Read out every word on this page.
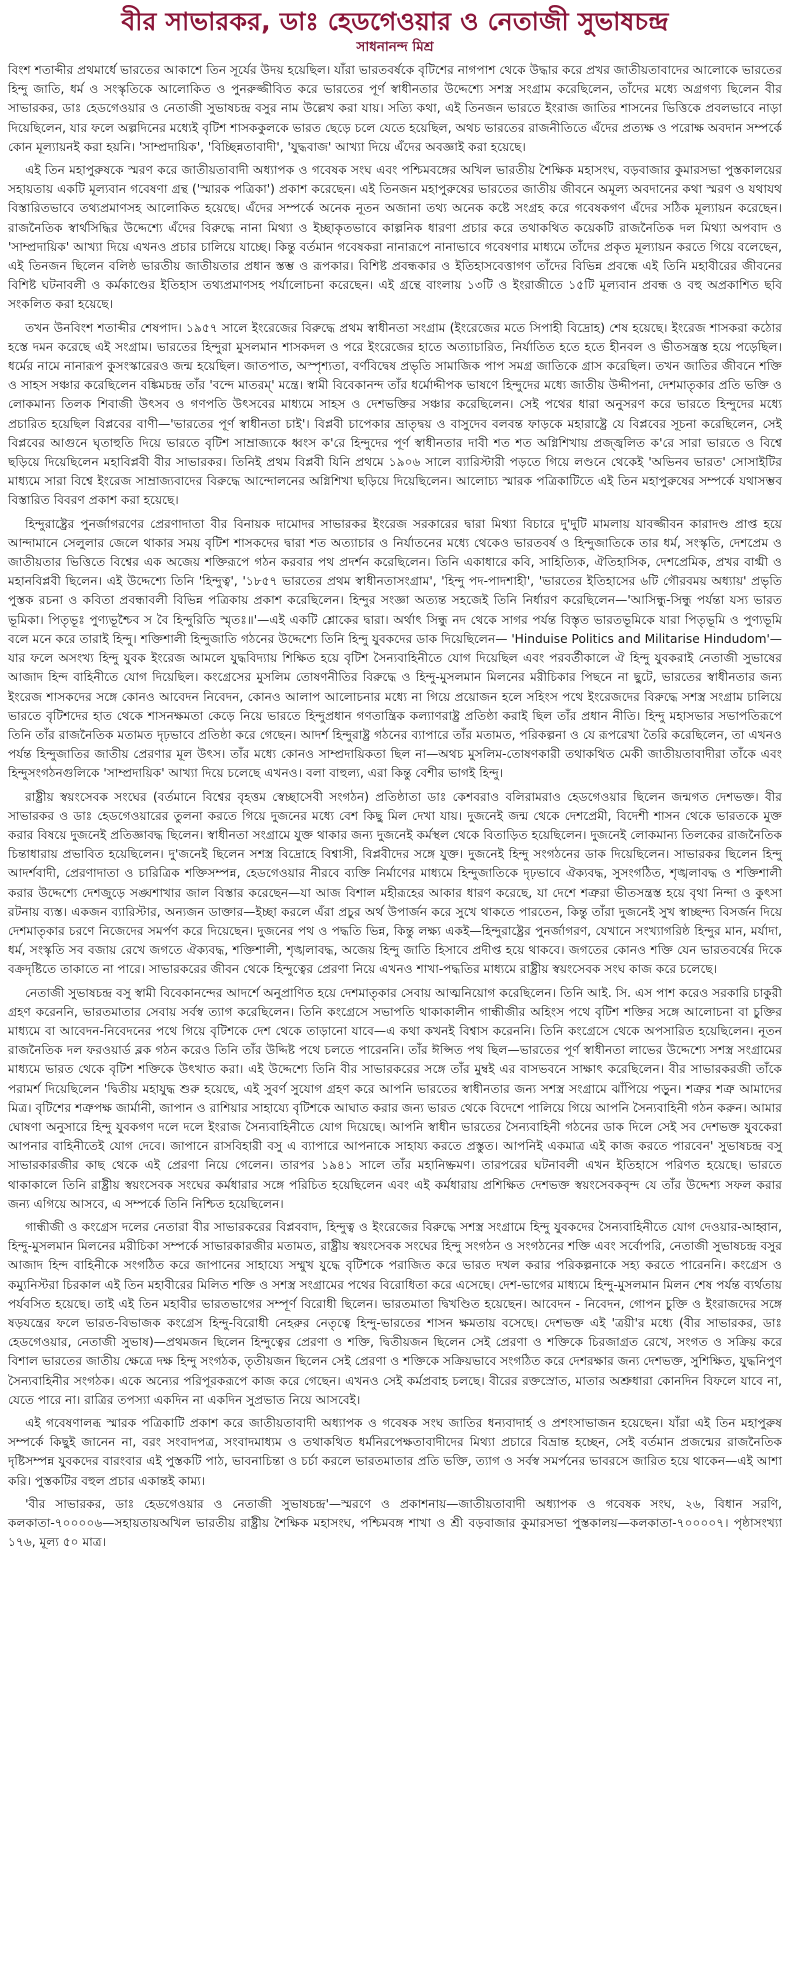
বীর সাভারকর, ডাঃ হেডগেওয়ার ও নেতাজী সুভাষচন্দ্র
সাধনানন্দ মিশ্র

বিংশ শতাব্দীর প্রথমার্ধে ভারতের আকাশে তিন সূর্যের উদয় হয়েছিল। যাঁরা ভারতবর্ষকে বৃটিশের নাগপাশ থেকে উদ্ধার করে প্রখর জাতীয়তাবাদের আলোকে ভারতের হিন্দু জাতি, ধর্ম ও সংস্কৃতিকে আলোকিত ও পুনরুজ্জীবিত করে ভারতের পূর্ণ স্বাধীনতার উদ্দেশ্যে সশস্ত্র সংগ্রাম করেছিলেন, তাঁদের মধ্যে অগ্রগণ্য ছিলেন বীর সাভারকর, ডাঃ হেডগেওয়ার ও নেতাজী সুভাষচন্দ্র বসুর নাম উল্লেখ করা যায়। সত্যি কথা, এই তিনজন ভারতে ইংরাজ জাতির শাসনের ভিত্তিকে প্রবলভাবে নাড়া দিয়েছিলেন, যার ফলে অল্পদিনের মধ্যেই বৃটিশ শাসককুলকে ভারত ছেড়ে চলে যেতে হয়েছিল, অথচ ভারতের রাজনীতিতে এঁদের প্রত্যক্ষ ও পরোক্ষ অবদান সম্পর্কে কোন মূল্যায়নই করা হয়নি। 'সাম্প্রদায়িক', 'বিচ্ছিন্নতাবাদী', 'যুদ্ধবাজ' আখ্যা দিয়ে এঁদের অবজ্ঞাই করা হয়েছে।

এই তিন মহাপুরুষকে স্মরণ করে জাতীয়তাবাদী অধ্যাপক ও গবেষক সংঘ এবং পশ্চিমবঙ্গের অখিল ভারতীয় শৈক্ষিক মহাসংঘ, বড়বাজার কুমারসভা পুস্তকালয়ের সহায়তায় একটি মূল্যবান গবেষণা গ্রন্থ ('স্মারক পত্রিকা') প্রকাশ করেছেন। এই তিনজন মহাপুরুষের ভারতের জাতীয় জীবনে অমূল্য অবদানের কথা স্মরণ ও যথাযথ বিস্তারিতভাবে তথ্যপ্রমাণসহ আলোকিত হয়েছে। এঁদের সম্পর্কে অনেক নূতন অজানা তথ্য অনেক কষ্টে সংগ্রহ করে গবেষকগণ এঁদের সঠিক মূল্যায়ন করেছেন। রাজনৈতিক স্বার্থসিদ্ধির উদ্দেশ্যে এঁদের বিরুদ্ধে নানা মিথ্যা ও ইচ্ছাকৃতভাবে কাল্পনিক ধারণা প্রচার করে তথাকথিত কয়েকটি রাজনৈতিক দল মিথ্যা অপবাদ ও 'সাম্প্রদায়িক' আখ্যা দিয়ে এখনও প্রচার চালিয়ে যাচ্ছে। কিন্তু বর্তমান গবেষকরা নানারূপে নানাভাবে গবেষণার মাধ্যমে তাঁদের প্রকৃত মূল্যায়ন করতে গিয়ে বলেছেন, এই তিনজন ছিলেন বলিষ্ঠ ভারতীয় জাতীয়তার প্রধান স্তম্ভ ও রূপকার। বিশিষ্ট প্রবন্ধকার ও ইতিহাসবেত্তাগণ তাঁদের বিভিন্ন প্রবন্ধে এই তিনি মহাবীরের জীবনের বিশিষ্ট ঘটনাবলী ও কর্মকাণ্ডের ইতিহাস তথ্যপ্রমাণসহ পর্যালোচনা করেছেন। এই গ্রন্থে বাংলায় ১৩টি ও ইংরাজীতে ১৫টি মূল্যবান প্রবন্ধ ও বহু অপ্রকাশিত ছবি সংকলিত করা হয়েছে।

তখন উনবিংশ শতাব্দীর শেষপাদ। ১৯৫৭ সালে ইংরেজের বিরুদ্ধে প্রথম স্বাধীনতা সংগ্রাম (ইংরেজের মতে সিপাহী বিদ্রোহ) শেষ হয়েছে। ইংরেজ শাসকরা কঠোর হস্তে দমন করেছে এই সংগ্রাম। ভারতের হিন্দুরা মুসলমান শাসকদল ও পরে ইংরেজের হাতে অত্যাচারিত, নির্যাতিত হতে হতে হীনবল ও ভীতসন্ত্রস্ত হয়ে পড়েছিল। ধর্মের নামে নানারূপ কুসংস্কারেরও জন্ম হয়েছিল। জাতপাত, অস্পৃশ্যতা, বর্ণবিদ্বেষ প্রভৃতি সামাজিক পাপ সমগ্র জাতিকে গ্রাস করেছিল। তখন জাতির জীবনে শক্তি ও সাহস সঞ্চার করেছিলেন বঙ্কিমচন্দ্র তাঁর 'বন্দে মাতরম্' মন্ত্রে। স্বামী বিবেকানন্দ তাঁর ধর্মোদ্দীপক ভাষণে হিন্দুদের মধ্যে জাতীয় উদ্দীপনা, দেশমাতৃকার প্রতি ভক্তি ও লোকমান্য তিলক শিবাজী উৎসব ও গণপতি উৎসবের মাধ্যমে সাহস ও দেশভক্তির সঞ্চার করেছিলেন। সেই পথের ধারা অনুসরণ করে ভারতে হিন্দুদের মধ্যে প্রচারিত হয়েছিল বিপ্লবের বাণী—'ভারতের পূর্ণ স্বাধীনতা চাই'। বিপ্লবী চাপেকার ভ্রাতৃদ্বয় ও বাসুদেব বলবন্ত ফাড়কে মহারাষ্ট্রে যে বিপ্লবের সূচনা করেছিলেন, সেই বিপ্লবের আগুনে ঘৃতাহুতি দিয়ে ভারতে বৃটিশ সাম্রাজ্যকে ধ্বংস ক'রে হিন্দুদের পূর্ণ স্বাধীনতার দাবী শত শত অগ্নিশিখায় প্রজ্জ্বলিত ক'রে সারা ভারতে ও বিশ্বে ছড়িয়ে দিয়েছিলেন মহাবিপ্লবী বীর সাভারকর। তিনিই প্রথম বিপ্লবী যিনি প্রথমে ১৯০৬ সালে ব্যারিস্টারী পড়তে গিয়ে লণ্ডনে থেকেই 'অভিনব ভারত' সোসাইটির মাধ্যমে সারা বিশ্বে ইংরেজ সাম্রাজ্যবাদের বিরুদ্ধে আন্দোলনের অগ্নিশিখা ছড়িয়ে দিয়েছিলেন। আলোচ্য স্মারক পত্রিকাটিতে এই তিন মহাপুরুষের সম্পর্কে যথাসম্ভব বিস্তারিত বিবরণ প্রকাশ করা হয়েছে।

হিন্দুরাষ্ট্রের পুনর্জাগরণের প্রেরণাদাতা বীর বিনায়ক দামোদর সাভারকর ইংরেজ সরকারের দ্বারা মিথ্যা বিচারে দু'দুটি মামলায় যাবজ্জীবন কারাদণ্ড প্রাপ্ত হয়ে আন্দামানে সেলুলার জেলে থাকার সময় বৃটিশ শাসকদের দ্বারা শত অত্যাচার ও নির্যাতনের মধ্যে থেকেও ভারতবর্ষ ও হিন্দুজাতিকে তার ধর্ম, সংস্কৃতি, দেশপ্রেম ও জাতীয়তার ভিত্তিতে বিশ্বের এক অজেয় শক্তিরূপে গঠন করবার পথ প্রদর্শন করেছিলেন। তিনি একাধারে কবি, সাহিত্যিক, ঐতিহাসিক, দেশপ্রেমিক, প্রখর বাগ্মী ও মহানবিপ্লবী ছিলেন। এই উদ্দেশ্যে তিনি 'হিন্দুত্ব', '১৮৫৭ ভারতের প্রথম স্বাধীনতাসংগ্রাম', 'হিন্দু পদ-পাদশাহী', 'ভারতের ইতিহাসের ৬টি গৌরবময় অধ্যায়' প্রভৃতি পুস্তক রচনা ও কবিতা প্রবন্ধাবলী বিভিন্ন পত্রিকায় প্রকাশ করেছিলেন। হিন্দুর সংজ্ঞা অত্যন্ত সহজেই তিনি নির্ধারণ করেছিলেন—'আসিন্ধু-সিন্ধু পর্যন্তা যস্য ভারত ভূমিকা। পিতৃভূঃ পুণ্যভূশ্চৈব স বৈ হিন্দুরিতি স্মৃতঃ॥'—এই একটি শ্লোকের দ্বারা। অর্থাৎ সিন্ধু নদ থেকে সাগর পর্যন্ত বিস্তৃত ভারতভূমিকে যারা পিতৃভূমি ও পুণ্যভূমি বলে মনে করে তারাই হিন্দু। শক্তিশালী হিন্দুজাতি গঠনের উদ্দেশ্যে তিনি হিন্দু যুবকদের ডাক দিয়েছিলেন— 'Hinduise Politics and Militarise Hindudom'—যার ফলে অসংখ্য হিন্দু যুবক ইংরেজ আমলে যুদ্ধবিদ্যায় শিক্ষিত হয়ে বৃটিশ সৈন্যবাহিনীতে যোগ দিয়েছিল এবং পরবর্তীকালে ঐ হিন্দু যুবকরাই নেতাজী সুভাষের আজাদ হিন্দ বাহিনীতে যোগ দিয়েছিল। কংগ্রেসের মুসলিম তোষণনীতির বিরুদ্ধে ও হিন্দু-মুসলমান মিলনের মরীচিকার পিছনে না ছুটে, ভারতের স্বাধীনতার জন্য ইংরেজ শাসকদের সঙ্গে কোনও আবেদন নিবেদন, কোনও আলাপ আলোচনার মধ্যে না গিয়ে প্রয়োজন হলে সহিংস পথে ইংরেজদের বিরুদ্ধে সশস্ত্র সংগ্রাম চালিয়ে ভারতে বৃটিশদের হাত থেকে শাসনক্ষমতা কেড়ে নিয়ে ভারতে হিন্দুপ্রধান গণতান্ত্রিক কল্যাণরাষ্ট্র প্রতিষ্ঠা করাই ছিল তাঁর প্রধান নীতি। হিন্দু মহাসভার সভাপতিরূপে তিনি তাঁর রাজনৈতিক মতামত দৃঢ়ভাবে প্রতিষ্ঠা করে গেছেন। আদর্শ হিন্দুরাষ্ট্র গঠনের ব্যাপারে তাঁর মতামত, পরিকল্পনা ও যে রূপরেখা তৈরি করেছিলেন, তা এখনও পর্যন্ত হিন্দুজাতির জাতীয় প্রেরণার মূল উৎস। তাঁর মধ্যে কোনও সাম্প্রদায়িকতা ছিল না—অথচ মুসলিম-তোষণকারী তথাকথিত মেকী জাতীয়তাবাদীরা তাঁকে এবং হিন্দুসংগঠনগুলিকে 'সাম্প্রদায়িক' আখ্যা দিয়ে চলেছে এখনও। বলা বাহুল্য, এরা কিন্তু বেশীর ভাগই হিন্দু।

রাষ্ট্রীয় স্বয়ংসেবক সংঘের (বর্তমানে বিশ্বের বৃহত্তম স্বেচ্ছাসেবী সংগঠন) প্রতিষ্ঠাতা ডাঃ কেশবরাও বলিরামরাও হেডগেওয়ার ছিলেন জন্মগত দেশভক্ত। বীর সাভারকর ও ডাঃ হেডগেওয়ারের তুলনা করতে গিয়ে দুজনের মধ্যে বেশ কিছু মিল দেখা যায়। দুজনেই জন্ম থেকে দেশপ্রেমী, বিদেশী শাসন থেকে ভারতকে মুক্ত করার বিষয়ে দুজনেই প্রতিজ্ঞাবদ্ধ ছিলেন। স্বাধীনতা সংগ্রামে যুক্ত থাকার জন্য দুজনেই কর্মস্থল থেকে বিতাড়িত হয়েছিলেন। দুজনেই লোকমান্য তিলকের রাজনৈতিক চিন্তাধারায় প্রভাবিত হয়েছিলেন। দু'জনেই ছিলেন সশস্ত্র বিদ্রোহে বিশ্বাসী, বিপ্লবীদের সঙ্গে যুক্ত। দুজনেই হিন্দু সংগঠনের ডাক দিয়েছিলেন। সাভারকর ছিলেন হিন্দু আদর্শবাদী, প্রেরণাদাতা ও চারিত্রিক শক্তিসম্পন্ন, হেডগেওয়ার নীরবে ব্যক্তি নির্মাণের মাধ্যমে হিন্দুজাতিকে দৃঢ়ভাবে ঐক্যবদ্ধ, সুসংগঠিত, শৃঙ্খলাবদ্ধ ও শক্তিশালী করার উদ্দেশ্যে দেশজুড়ে সঙ্ঘশাখার জাল বিস্তার করেছেন—যা আজ বিশাল মহীরূহের আকার ধারণ করেছে, যা দেশে শত্রুরা ভীতসন্ত্রস্ত হয়ে বৃথা নিন্দা ও কুৎসা রটনায় ব্যস্ত। একজন ব্যারিস্টার, অন্যজন ডাক্তার—ইচ্ছা করলে এঁরা প্রচুর অর্থ উপার্জন করে সুখে থাকতে পারতেন, কিন্তু তাঁরা দুজনেই সুখ স্বাচ্ছন্দ্য বিসর্জন দিয়ে দেশমাতৃকার চরণে নিজেদের সমর্পণ করে দিয়েছেন। দুজনের পথ ও পদ্ধতি ভিন্ন, কিন্তু লক্ষ্য একই—হিন্দুরাষ্ট্রের পুনর্জাগরণ, যেখানে সংখ্যাগরিষ্ঠ হিন্দুর মান, মর্যাদা, ধর্ম, সংস্কৃতি সব বজায় রেখে জগতে ঐক্যবদ্ধ, শক্তিশালী, শৃঙ্খলাবদ্ধ, অজেয় হিন্দু জাতি হিসাবে প্রদীপ্ত হয়ে থাকবে। জগতের কোনও শক্তি যেন ভারতবর্ষের দিকে বক্রদৃষ্টিতে তাকাতে না পারে। সাভারকরের জীবন থেকে হিন্দুত্বের প্রেরণা নিয়ে এখনও শাখা-পদ্ধতির মাধ্যমে রাষ্ট্রীয় স্বয়ংসেবক সংঘ কাজ করে চলেছে।

নেতাজী সুভাষচন্দ্র বসু স্বামী বিবেকানন্দের আদর্শে অনুপ্রাণিত হয়ে দেশমাতৃকার সেবায় আত্মনিয়োগ করেছিলেন। তিনি আই. সি. এস পাশ করেও সরকারি চাকুরী গ্রহণ করেননি, ভারতমাতার সেবায় সর্বস্ব ত্যাগ করেছিলেন। তিনি কংগ্রেসে সভাপতি থাকাকালীন গান্ধীজীর অহিংস পথে বৃটিশ শক্তির সঙ্গে আলোচনা বা চুক্তির মাধ্যমে বা আবেদন-নিবেদনের পথে গিয়ে বৃটিশকে দেশ থেকে তাড়ানো যাবে—এ কথা কখনই বিশ্বাস করেননি। তিনি কংগ্রেসে থেকে অপসারিত হয়েছিলেন। নূতন রাজনৈতিক দল ফরওয়ার্ড ব্লক গঠন করেও তিনি তাঁর উদ্দিষ্ট পথে চলতে পারেননি। তাঁর ঈপ্সিত পথ ছিল—ভারতের পূর্ণ স্বাধীনতা লাভের উদ্দেশ্যে সশস্ত্র সংগ্রামের মাধ্যমে ভারত থেকে বৃটিশ শক্তিকে উৎখাত করা। এই উদ্দেশ্যে তিনি বীর সাভারকরের সঙ্গে তাঁর মুম্বই এর বাসভবনে সাক্ষাৎ করেছিলেন। বীর সাভারকরজী তাঁকে পরামর্শ দিয়েছিলেন 'দ্বিতীয় মহাযুদ্ধ শুরু হয়েছে, এই সুবর্ণ সুযোগ গ্রহণ করে আপনি ভারতের স্বাধীনতার জন্য সশস্ত্র সংগ্রামে ঝাঁপিয়ে পড়ুন। শত্রুর শত্রু আমাদের মিত্র। বৃটিশের শত্রুপক্ষ জার্মানী, জাপান ও রাশিয়ার সাহায্যে বৃটিশকে আঘাত করার জন্য ভারত থেকে বিদেশে পালিয়ে গিয়ে আপনি সৈন্যবাহিনী গঠন করুন। আমার ঘোষণা অনুসারে হিন্দু যুবকগণ দলে দলে ইংরাজ সৈন্যবাহিনীতে যোগ দিয়েছে। আপনি স্বাধীন ভারতের সৈন্যবাহিনী গঠনের ডাক দিলে সেই সব দেশভক্ত যুবকেরা আপনার বাহিনীতেই যোগ দেবে। জাপানে রাসবিহারী বসু এ ব্যাপারে আপনাকে সাহায্য করতে প্রস্তুত। আপনিই একমাত্র এই কাজ করতে পারবেন' সুভাষচন্দ্র বসু সাভারকারজীর কাছ থেকে এই প্রেরণা নিয়ে গেলেন। তারপর ১৯৪১ সালে তাঁর মহানিষ্ক্রমণ। তারপরের ঘটনাবলী এখন ইতিহাসে পরিণত হয়েছে। ভারতে থাকাকালে তিনি রাষ্ট্রীয় স্বয়ংসেবক সংঘের কর্মধারার সঙ্গে পরিচিত হয়েছিলেন এবং এই কর্মধারায় প্রশিক্ষিত দেশভক্ত স্বয়ংসেবকবৃন্দ যে তাঁর উদ্দেশ্য সফল করার জন্য এগিয়ে আসবে, এ সম্পর্কে তিনি নিশ্চিত হয়েছিলেন।

গান্ধীজী ও কংগ্রেস দলের নেতারা বীর সাভারকরের বিপ্লববাদ, হিন্দুত্ব ও ইংরেজের বিরুদ্ধে সশস্ত্র সংগ্রামে হিন্দু যুবকদের সৈন্যবাহিনীতে যোগ দেওয়ার-আহ্বান, হিন্দু-মুসলমান মিলনের মরীচিকা সম্পর্কে সাভারকারজীর মতামত, রাষ্ট্রীয় স্বয়ংসেবক সংঘের হিন্দু সংগঠন ও সংগঠনের শক্তি এবং সর্বোপরি, নেতাজী সুভাষচন্দ্র বসুর আজাদ হিন্দ বাহিনীকে সংগঠিত করে জাপানের সাহায্যে সম্মুখ যুদ্ধে বৃটিশকে পরাজিত করে ভারত দখল করার পরিকল্পনাকে সহ্য করতে পারেননি। কংগ্রেস ও কম্যুনিস্টরা চিরকাল এই তিন মহাবীরের মিলিত শক্তি ও সশস্ত্র সংগ্রামের পথের বিরোধিতা করে এসেছে। দেশ-ভাগের মাধ্যমে হিন্দু-মুসলমান মিলন শেষ পর্যন্ত ব্যর্থতায় পর্যবসিত হয়েছে। তাই এই তিন মহাবীর ভারতভাগের সম্পূর্ণ বিরোধী ছিলেন। ভারতমাতা দ্বিখণ্ডিত হয়েছেন। আবেদন - নিবেদন, গোপন চুক্তি ও ইংরাজদের সঙ্গে ষড়যন্ত্রের ফলে ভারত-বিভাজক কংগ্রেস হিন্দু-বিরোধী নেহরুর নেতৃত্বে হিন্দু-ভারতের শাসন ক্ষমতায় বসেছে। দেশভক্ত এই 'ত্রয়ী'র মধ্যে (বীর সাভারকর, ডাঃ হেডগেওয়ার, নেতাজী সুভাষ)—প্রথমজন ছিলেন হিন্দুত্বের প্রেরণা ও শক্তি, দ্বিতীয়জন ছিলেন সেই প্রেরণা ও শক্তিকে চিরজাগ্রত রেখে, সংগত ও সক্রিয় করে বিশাল ভারতের জাতীয় ক্ষেত্রে দক্ষ হিন্দু সংগঠক, তৃতীয়জন ছিলেন সেই প্রেরণা ও শক্তিকে সক্রিয়ভাবে সংগঠিত করে দেশরক্ষার জন্য দেশভক্ত, সুশিক্ষিত, যুদ্ধনিপুণ সৈন্যবাহিনীর সংগঠক। একে অন্যের পরিপূরকরূপে কাজ করে গেছেন। এখনও সেই কর্মপ্রবাহ চলছে। বীরের রক্তস্রোত, মাতার অশ্রুধারা কোনদিন বিফলে যাবে না, যেতে পারে না। রাত্রির তপস্যা একদিন না একদিন সুপ্রভাত নিয়ে আসবেই।

এই গবেষণালব্ধ স্মারক পত্রিকাটি প্রকাশ করে জাতীয়তাবাদী অধ্যাপক ও গবেষক সংঘ জাতির ধন্যবাদার্হ ও প্রশংসাভাজন হয়েছেন। যাঁরা এই তিন মহাপুরুষ সম্পর্কে কিছুই জানেন না, বরং সংবাদপত্র, সংবাদমাধ্যম ও তথাকথিত ধর্মনিরপেক্ষতাবাদীদের মিথ্যা প্রচারে বিভ্রান্ত হচ্ছেন, সেই বর্তমান প্রজন্মের রাজনৈতিক দৃষ্টিসম্পন্ন যুবকদের বারংবার এই পুস্তকটি পাঠ, ভাবনাচিন্তা ও চর্চা করলে ভারতমাতার প্রতি ভক্তি, ত্যাগ ও সর্বস্ব সমর্পনের ভাবরসে জারিত হয়ে থাকেন—এই আশা করি। পুস্তকটির বহুল প্রচার একান্তই কাম্য।

'বীর সাভারকর, ডাঃ হেডগেওয়ার ও নেতাজী সুভাষচন্দ্র'—স্মরণে ও প্রকাশনায়—জাতীয়তাবাদী অধ্যাপক ও গবেষক সংঘ, ২৬, বিধান সরণি, কলকাতা-৭০০০০৬—সহায়তায়অখিল ভারতীয় রাষ্ট্রীয় শৈক্ষিক মহাসংঘ, পশ্চিমবঙ্গ শাখা ও শ্রী বড়বাজার কুমারসভা পুস্তকালয়—কলকাতা-৭০০০০৭। পৃষ্ঠাসংখ্যা ১৭৬, মূল্য ৫০ মাত্র।
